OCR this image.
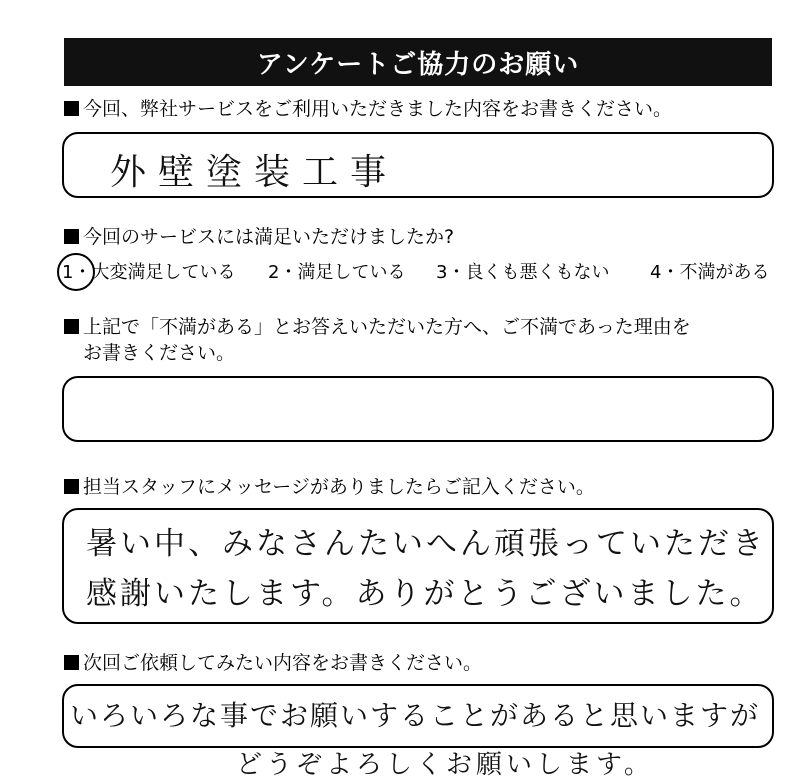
アンケートご協力のお願い
今回、弊社サービスをご利用いただきました内容をお書きください。
外壁塗装工事
今回のサービスには満足いただけましたか?
1・大変満足している 2・満足している 3・良くも悪くもない 4・不満がある
上記で「不満がある」とお答えいただいた方へ、ご不満であった理由を
お書きください。
担当スタッフにメッセージがありましたらご記入ください。
暑い中、みなさんたいへん頑張っていただき
感謝いたします。ありがとうございました。
次回ご依頼してみたい内容をお書きください。
いろいろな事でお願いすることがあると思いますが
どうぞよろしくお願いします。
